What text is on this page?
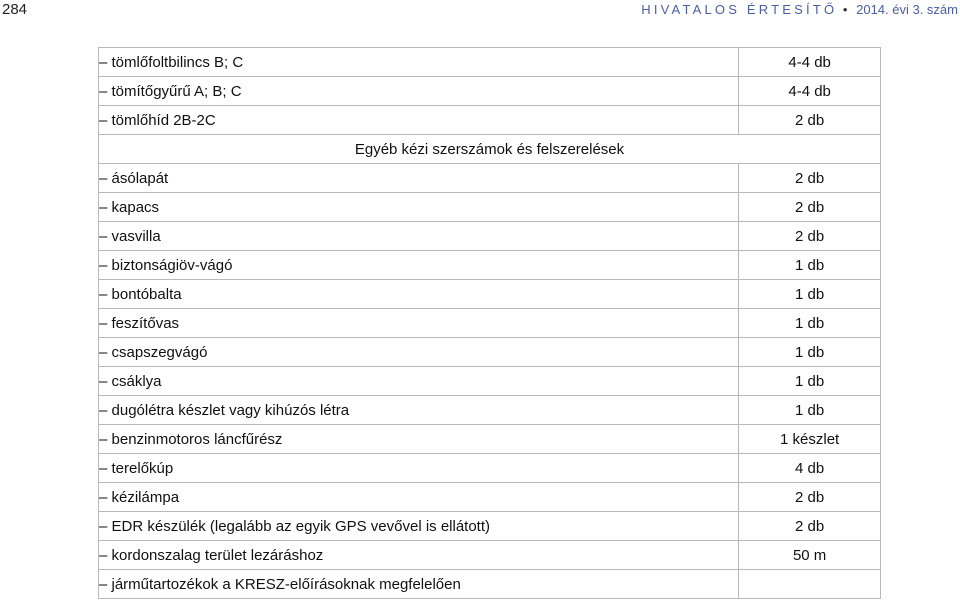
284	HIVATALOS ÉRTESÍTŐ • 2014. évi 3. szám
– tömlőfoltbilincs B; C	4-4 db
– tömítőgyűrű A; B; C	4-4 db
– tömlőhíd 2B-2C	2 db
Egyéb kézi szerszámok és felszerelések	
– ásólapát	2 db
– kapacs	2 db
– vasvilla	2 db
– biztonságiöv-vágó	1 db
– bontóbalta	1 db
– feszítővas	1 db
– csapszegvágó	1 db
– csáklya	1 db
– dugólétra készlet vagy kihúzós létra	1 db
– benzinmotoros láncfűrész	1 készlet
– terelőkúp	4 db
– kézilámpa	2 db
– EDR készülék (legalább az egyik GPS vevővel is ellátott)	2 db
– kordonszalag terület lezáráshoz	50 m
– járműtartozékok a KRESZ-előírásoknak megfelelően	
